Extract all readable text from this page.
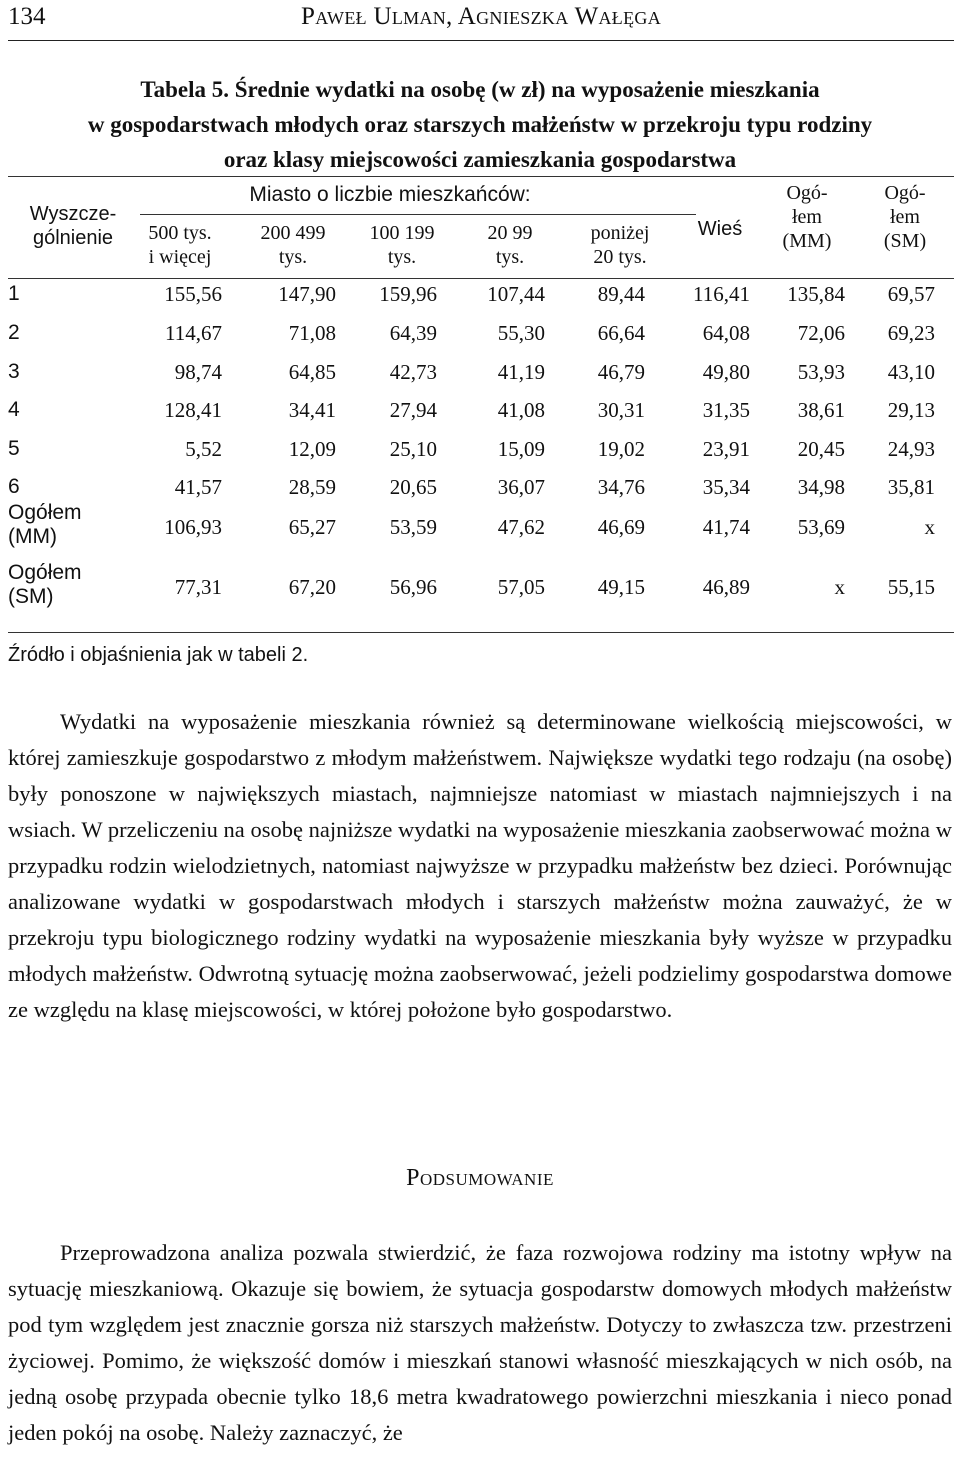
134	Paweł Ulman, Agnieszka Wałęga
Tabela 5. Średnie wydatki na osobę (w zł) na wyposażenie mieszkania
w gospodarstwach młodych oraz starszych małżeństw w przekroju typu rodziny
oraz klasy miejscowości zamieszkania gospodarstwa
Wyszcze-
gólnienie
Miasto o liczbie mieszkańców:
500 tys.
i więcej
200 499
tys.
100 199
tys.
20 99
tys.
poniżej
20 tys.
Wieś
Ogó-
łem
(MM)
Ogó-
łem
(SM)
1	155,56	147,90 159,96 107,44	89,44 116,41 135,84 69,57
2	114,67	71,08	64,39	55,30	66,64	64,08 72,06 69,23
3	98,74	64,85	42,73	41,19	46,79	49,80 53,93 43,10
4	128,41	34,41	27,94	41,08	30,31	31,35 38,61 29,13
5	5,52	12,09	25,10	15,09	19,02	23,91 20,45 24,93
6	41,57	28,59	20,65	36,07	34,76	35,34 34,98 35,81
Ogółem
(MM)	106,93	65,27	53,59	47,62	46,69	41,74 53,69	x
Ogółem
(SM)	77,31	67,20	56,96	57,05	49,15	46,89	x 55,15
Źródło i objaśnienia jak w tabeli 2.

Wydatki na wyposażenie mieszkania również są determinowane wielkością miejscowości, w której zamieszkuje gospodarstwo z młodym małżeństwem. Największe wydatki tego rodzaju (na osobę) były ponoszone w największych miastach, najmniejsze natomiast w miastach najmniejszych i na wsiach. W przeliczeniu na osobę najniższe wydatki na wyposażenie mieszkania zaobserwować można w przypadku rodzin wielodzietnych, natomiast najwyższe w przypadku małżeństw bez dzieci. Porównując analizowane wydatki w gospodarstwach młodych i starszych małżeństw można zauważyć, że w przekroju typu biologicznego rodziny wydatki na wyposażenie mieszkania były wyższe w przypadku młodych małżeństw. Odwrotną sytuację można zaobserwować, jeżeli podzielimy gospodarstwa domowe ze względu na klasę miejscowości, w której położone było gospodarstwo.

Podsumowanie

Przeprowadzona analiza pozwala stwierdzić, że faza rozwojowa rodziny ma istotny wpływ na sytuację mieszkaniową. Okazuje się bowiem, że sytuacja gospodarstw domowych młodych małżeństw pod tym względem jest znacznie gorsza niż starszych małżeństw. Dotyczy to zwłaszcza tzw. przestrzeni życiowej. Pomimo, że większość domów i mieszkań stanowi własność mieszkających w nich osób, na jedną osobę przypada obecnie tylko 18,6 metra kwadratowego powierzchni mieszkania i nieco ponad jeden pokój na osobę. Należy zaznaczyć, że
